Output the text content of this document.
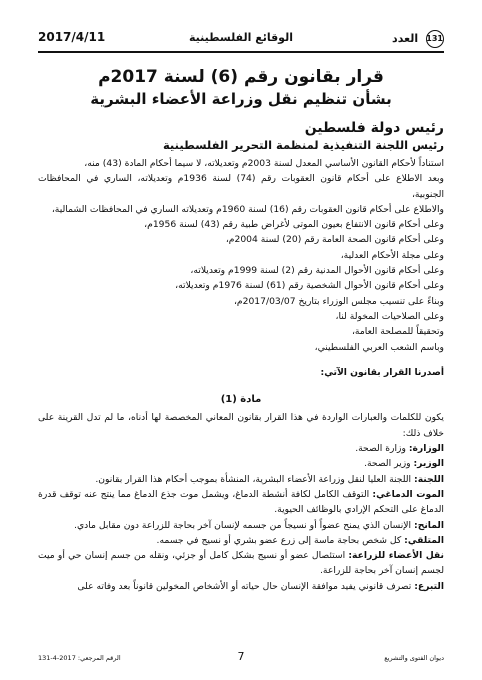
131 العدد
الوقائع الفلسطينية
2017/4/11
قرار بقانون رقم (6) لسنة 2017م
بشأن تنظيم نقل وزراعة الأعضاء البشرية
رئيس دولة فلسطين
رئيس اللجنة التنفيذية لمنظمة التحرير الفلسطينية

استناداً لأحكام القانون الأساسي المعدل لسنة 2003م وتعديلاته، لا سيما أحكام المادة (43) منه،

وبعد الاطلاع على أحكام قانون العقوبات رقم (74) لسنة 1936م وتعديلاته، الساري في المحافظات الجنوبية،

والاطلاع على أحكام قانون العقوبات رقم (16) لسنة 1960م وتعديلاته الساري في المحافظات الشمالية،

وعلى أحكام قانون الانتفاع بعيون الموتى لأغراض طبية رقم (43) لسنة 1956م،

وعلى أحكام قانون الصحة العامة رقم (20) لسنة 2004م،

وعلى مجلة الأحكام العدلية،

وعلى أحكام قانون الأحوال المدنية رقم (2) لسنة 1999م وتعديلاته،

وعلى أحكام قانون الأحوال الشخصية رقم (61) لسنة 1976م وتعديلاته،

وبناءً على تنسيب مجلس الوزراء بتاريخ 2017/03/07م،

وعلى الصلاحيات المخولة لنا،

وتحقيقاً للمصلحة العامة،

وباسم الشعب العربي الفلسطيني،

أصدرنا القرار بقانون الآتي:

مادة (1)

يكون للكلمات والعبارات الواردة في هذا القرار بقانون المعاني المخصصة لها أدناه، ما لم تدل القرينة على خلاف ذلك:

الوزارة: وزارة الصحة.

الوزير: وزير الصحة.

اللجنة: اللجنة العليا لنقل وزراعة الأعضاء البشرية، المنشأة بموجب أحكام هذا القرار بقانون.

الموت الدماغي: التوقف الكامل لكافة أنشطة الدماغ، ويشمل موت جذع الدماغ مما ينتج عنه توقف قدرة الدماغ على التحكم الإرادي بالوظائف الحيوية.

المانح: الإنسان الذي يمنح عضواً أو نسيجاً من جسمه لإنسان آخر بحاجة للزراعة دون مقابل مادي.

المتلقي: كل شخص بحاجة ماسة إلى زرع عضو بشري أو نسيج في جسمه.

نقل الأعضاء للزراعة: استئصال عضو أو نسيج بشكل كامل أو جزئي، ونقله من جسم إنسان حي أو ميت لجسم إنسان آخر بحاجة للزراعة.

التبرع: تصرف قانوني يفيد موافقة الإنسان حال حياته أو الأشخاص المخولين قانوناً بعد وفاته على

7
الرقم المرجعي: 2017-4-131	ديوان الفتوى والتشريع
